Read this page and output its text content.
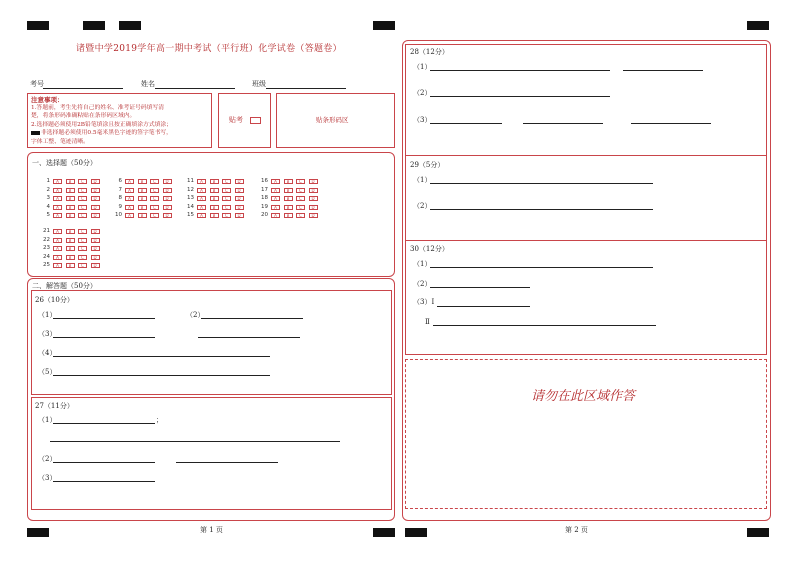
诸暨中学2019学年高一期中考试（平行班）化学试卷（答题卷）
考号	姓名	班级
注意事项：
1.答题前，考生先将自己的姓名、准考证号码填写清
楚，将条形码准确粘贴在条形码区域内。
2.选择题必须使用2B铅笔填涂且按正确填涂方式填涂；
非选择题必须使用0.5毫米黑色字迹的签字笔书写，
字体工整、笔迹清晰。
贴考	贴条形码区
一、选择题（50分）
1	A	B	C	D
2	A	B	C	D
3	A	B	C	D
4	A	B	C	D
5	A	B	C	D
6	A	B	C	D
7	A	B	C	D
8	A	B	C	D
9	A	B	C	D
10	A	B	C	D
11	A	B	C	D
12	A	B	C	D
13	A	B	C	D
14	A	B	C	D
15	A	B	C	D
16	A	B	C	D
17	A	B	C	D
18	A	B	C	D
19	A	B	C	D
20	A	B	C	D
21	A	B	C	D
22	A	B	C	D
23	A	B	C	D
24	A	B	C	D
25	A	B	C	D
二、解答题（50分）
26（10分）
（1）	（2）
（3）
（4）
（5）
27（11分）
（1）	；
（2）
（3）
第 1 页
28（12分）
（1）
（2）
（3）
29（5分）
（1）
（2）
30（12分）
（1）
（2）
（3）Ⅰ
Ⅱ
请勿在此区域作答
第 2 页
